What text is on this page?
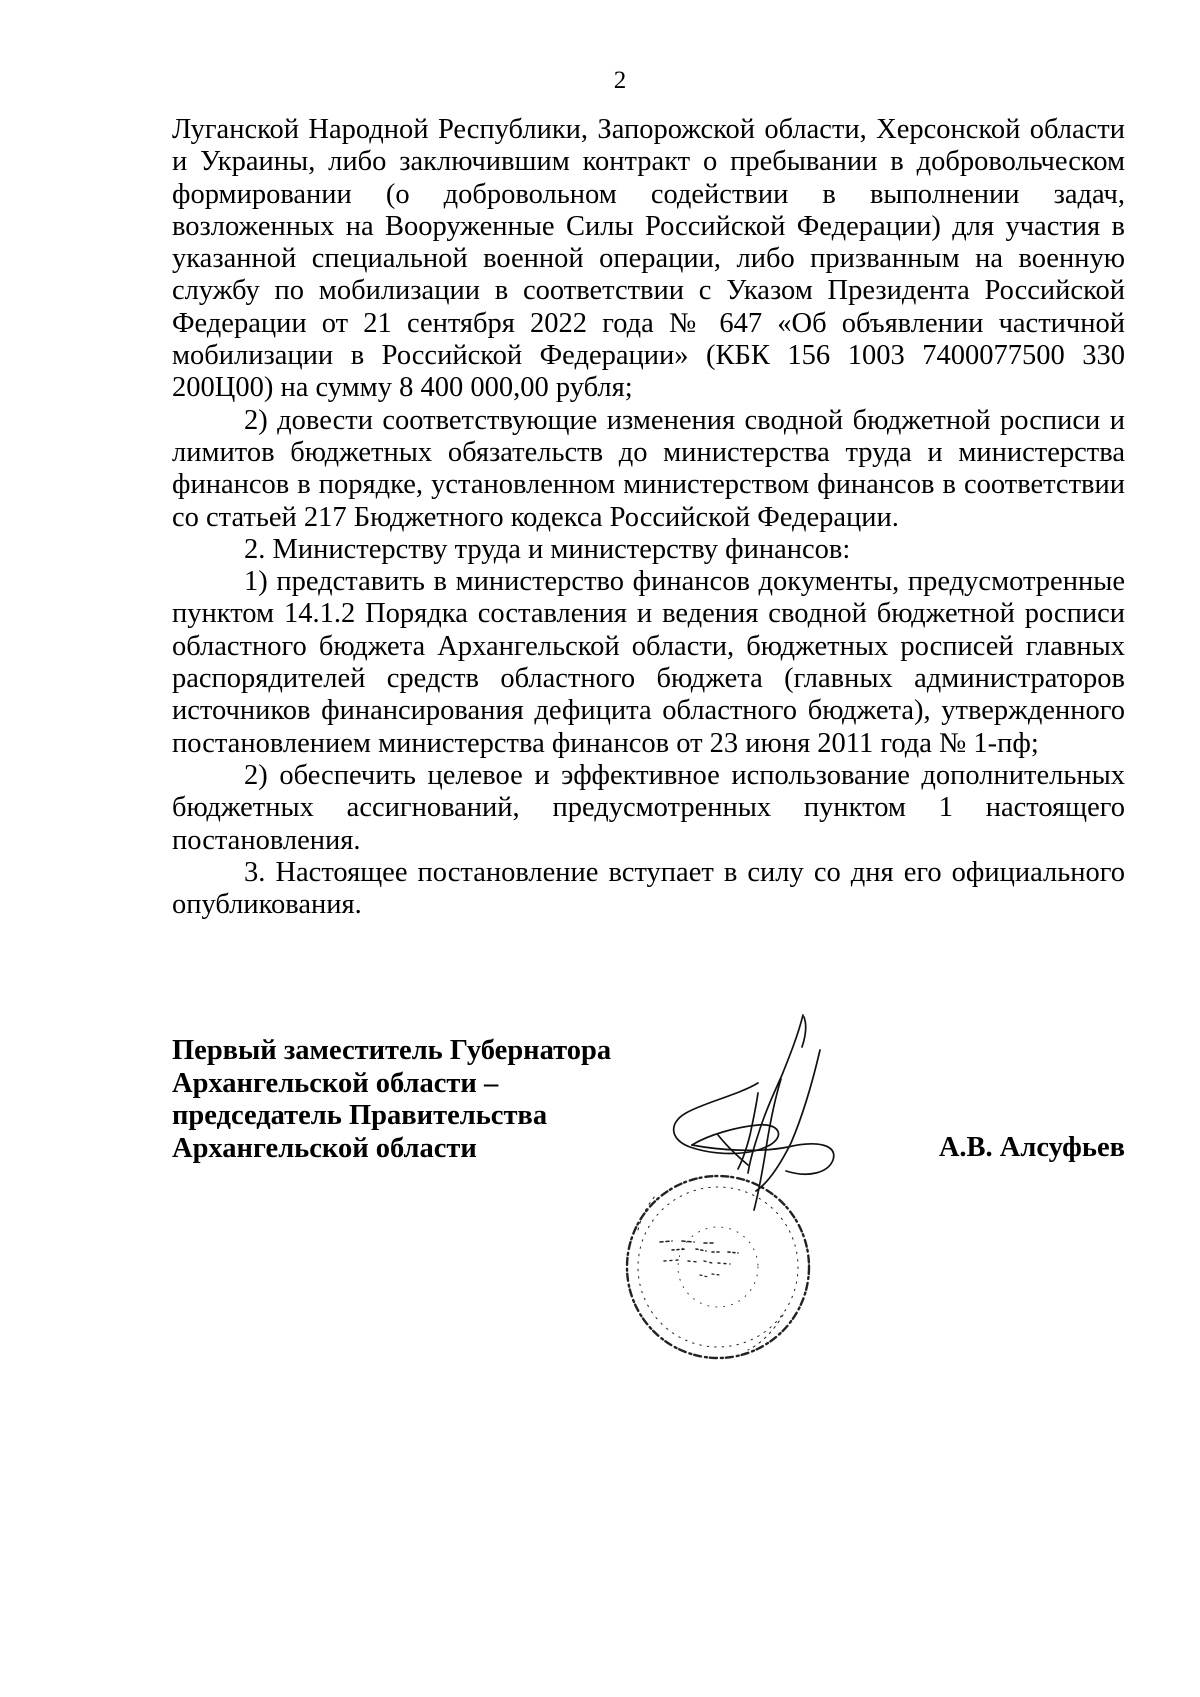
2

Луганской Народной Республики, Запорожской области, Херсонской области и Украины, либо заключившим контракт о пребывании в добровольческом формировании (о добровольном содействии в выполнении задач, возложенных на Вооруженные Силы Российской Федерации) для участия в указанной специальной военной операции, либо призванным на военную службу по мобилизации в соответствии с Указом Президента Российской Федерации от 21 сентября 2022 года № 647 «Об объявлении частичной мобилизации в Российской Федерации» (КБК 156 1003 7400077500 330 200Ц00) на сумму 8 400 000,00 рубля;

2) довести соответствующие изменения сводной бюджетной росписи и лимитов бюджетных обязательств до министерства труда и министерства финансов в порядке, установленном министерством финансов в соответствии со статьей 217 Бюджетного кодекса Российской Федерации.

2. Министерству труда и министерству финансов:

1) представить в министерство финансов документы, предусмотренные пунктом 14.1.2 Порядка составления и ведения сводной бюджетной росписи областного бюджета Архангельской области, бюджетных росписей главных распорядителей средств областного бюджета (главных администраторов источников финансирования дефицита областного бюджета), утвержденного постановлением министерства финансов от 23 июня 2011 года № 1-пф;

2) обеспечить целевое и эффективное использование дополнительных бюджетных ассигнований, предусмотренных пунктом 1 настоящего постановления.

3. Настоящее постановление вступает в силу со дня его официального опубликования.

Первый заместитель Губернатора
Архангельской области –
председатель Правительства
Архангельской области	А.В. Алсуфьев
